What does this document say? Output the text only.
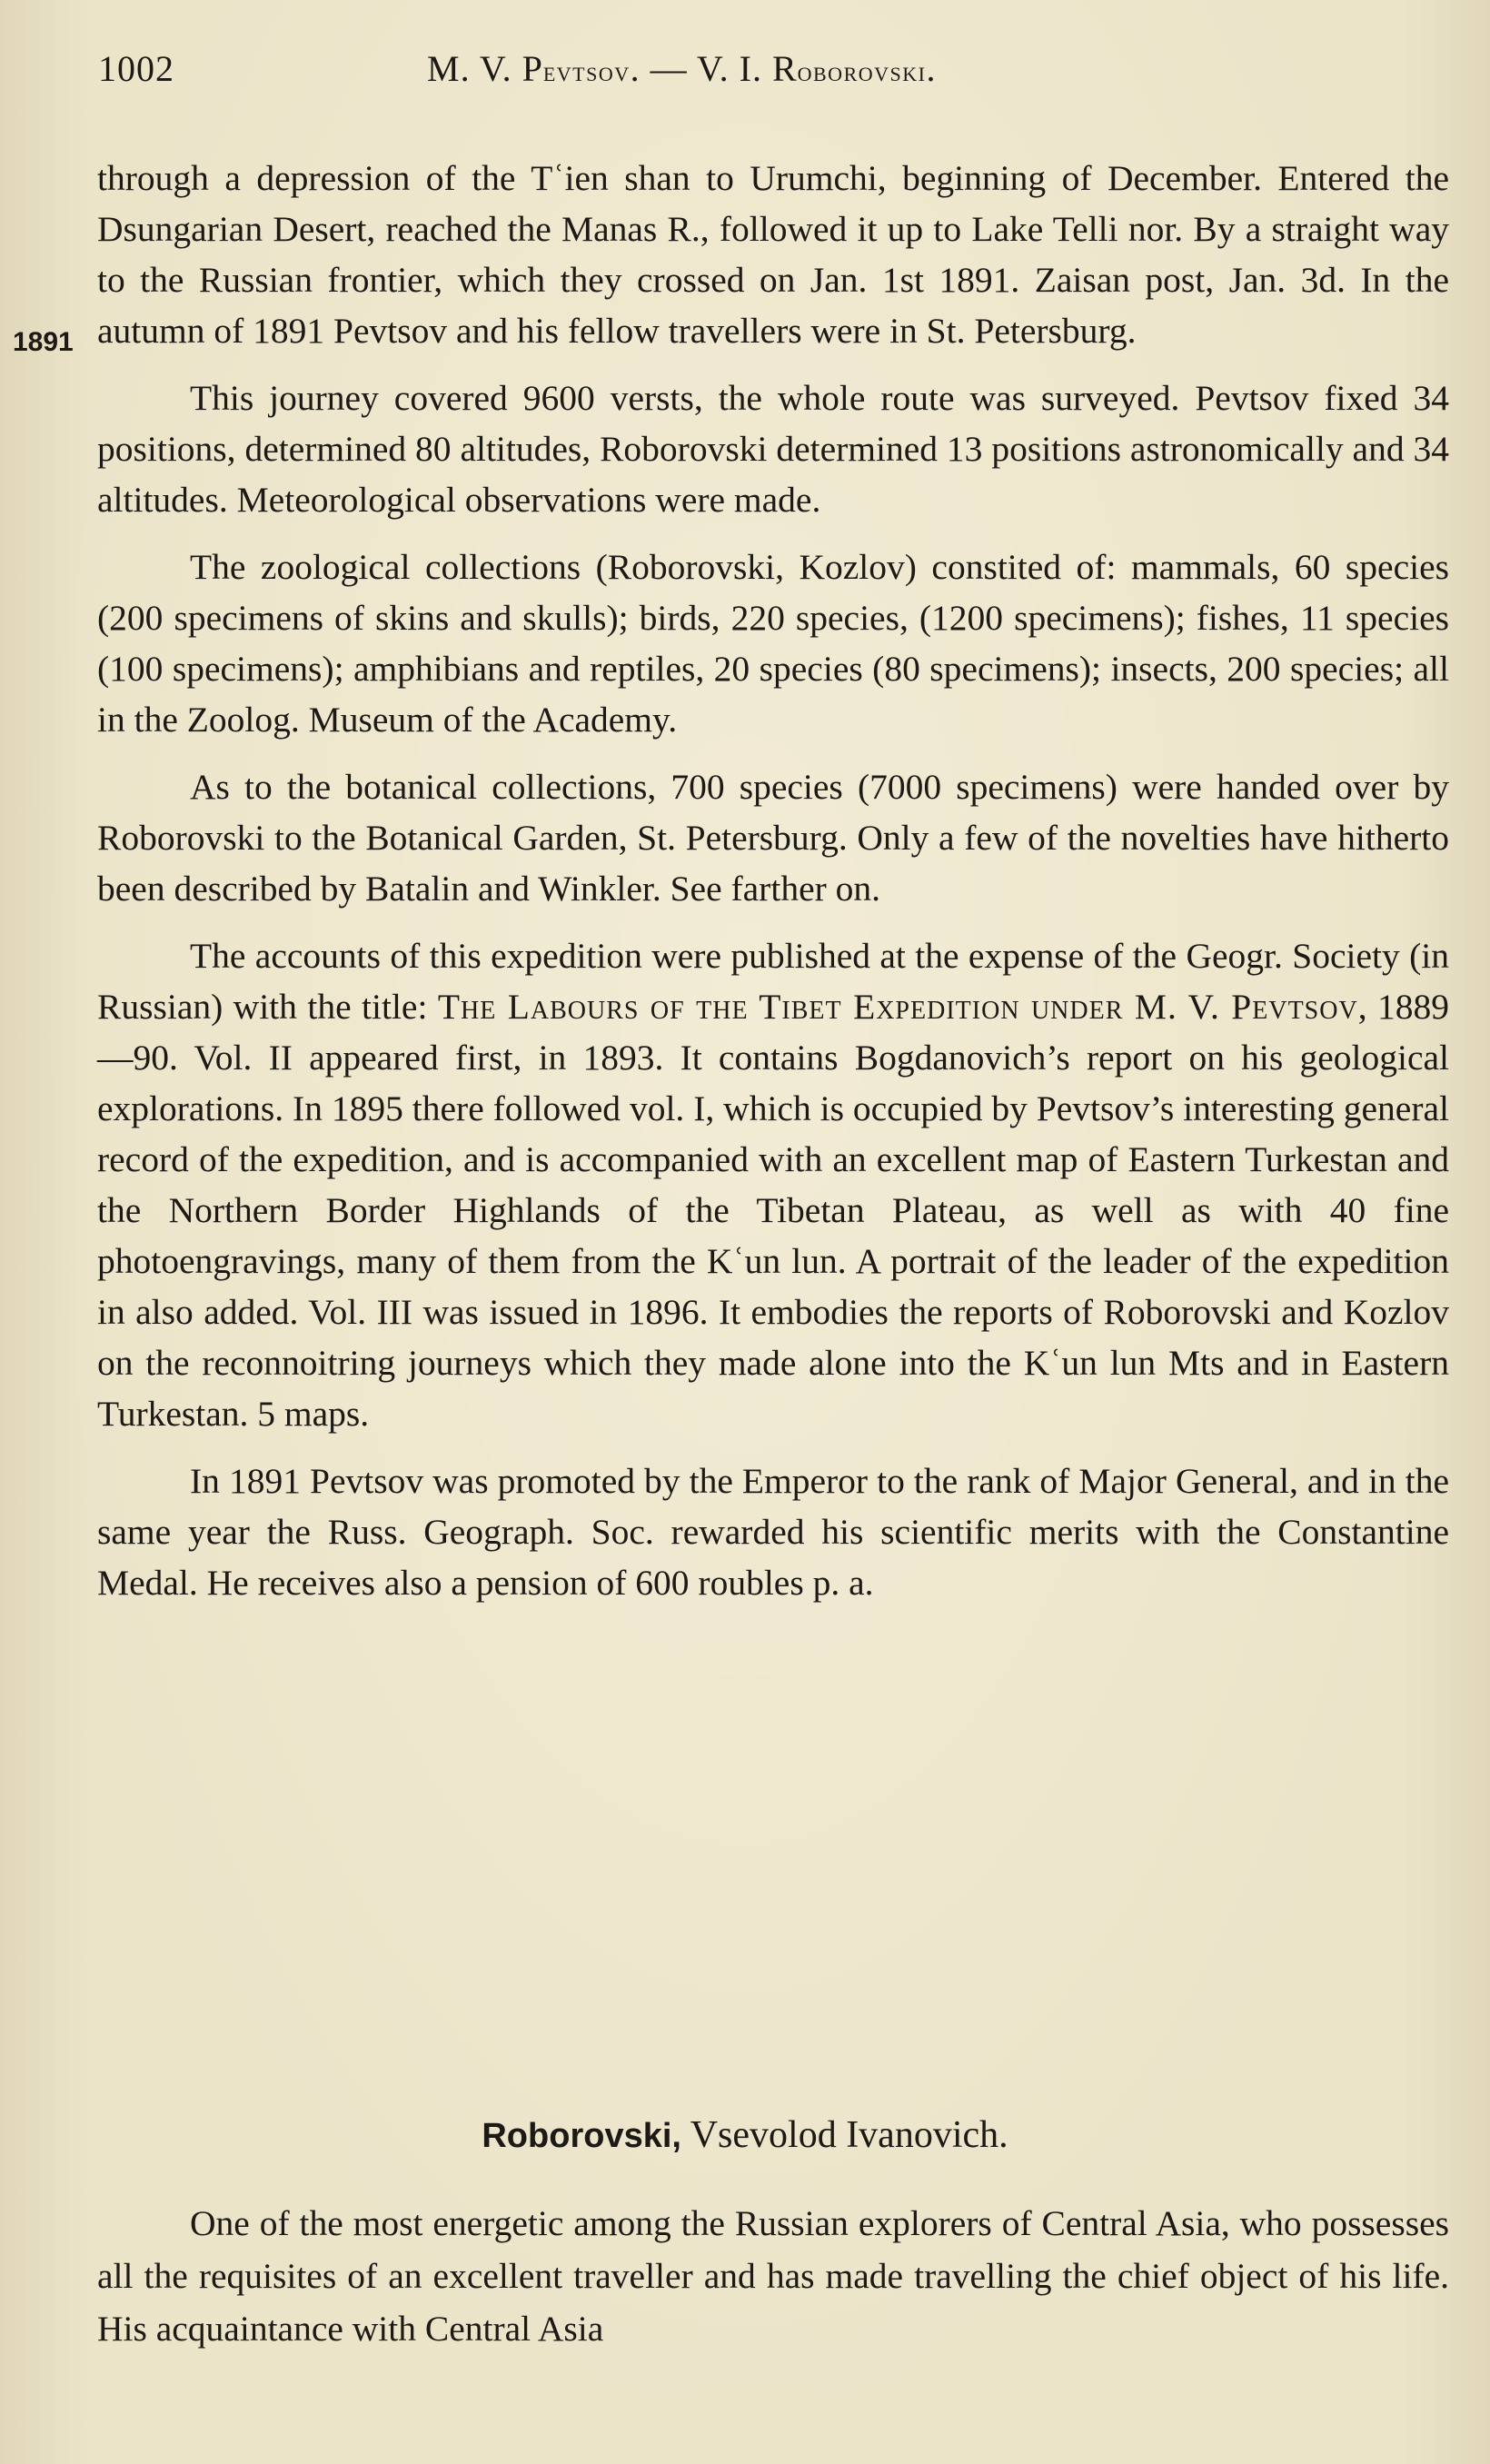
1002	M. V. Pevtsov. — V. I. Roborovski.
1891

through a depression of the Tʿien shan to Urumchi, beginning of December. Entered the Dsungarian Desert, reached the Manas R., followed it up to Lake Telli nor. By a straight way to the Russian frontier, which they crossed on Jan. 1st 1891. Zaisan post, Jan. 3d. In the autumn of 1891 Pevtsov and his fellow travellers were in St. Petersburg.

This journey covered 9600 versts, the whole route was surveyed. Pevtsov fixed 34 positions, determined 80 altitudes, Roborovski determined 13 positions astronomically and 34 altitudes. Meteorological observations were made.

The zoological collections (Roborovski, Kozlov) constited of: mammals, 60 species (200 specimens of skins and skulls); birds, 220 species, (1200 specimens); fishes, 11 species (100 specimens); amphibians and reptiles, 20 species (80 specimens); insects, 200 species; all in the Zoolog. Museum of the Academy.

As to the botanical collections, 700 species (7000 specimens) were handed over by Roborovski to the Botanical Garden, St. Petersburg. Only a few of the novelties have hitherto been described by Batalin and Winkler. See farther on.

The accounts of this expedition were published at the expense of the Geogr. Society (in Russian) with the title: The Labours of the Tibet Expedition under M. V. Pevtsov, 1889—90. Vol. II appeared first, in 1893. It contains Bogdanovich’s report on his geological explorations. In 1895 there followed vol. I, which is occupied by Pevtsov’s interesting general record of the expedition, and is accompanied with an excellent map of Eastern Turkestan and the Northern Border Highlands of the Tibetan Plateau, as well as with 40 fine photoengravings, many of them from the Kʿun lun. A portrait of the leader of the expedition in also added. Vol. III was issued in 1896. It embodies the reports of Roborovski and Kozlov on the reconnoitring journeys which they made alone into the Kʿun lun Mts and in Eastern Turkestan. 5 maps.

In 1891 Pevtsov was promoted by the Emperor to the rank of Major General, and in the same year the Russ. Geograph. Soc. rewarded his scientific merits with the Constantine Medal. He receives also a pension of 600 roubles p. a.

Roborovski, Vsevolod Ivanovich.

One of the most energetic among the Russian explorers of Central Asia, who possesses all the requisites of an excellent traveller and has made travelling the chief object of his life. His acquaintance with Central Asia
